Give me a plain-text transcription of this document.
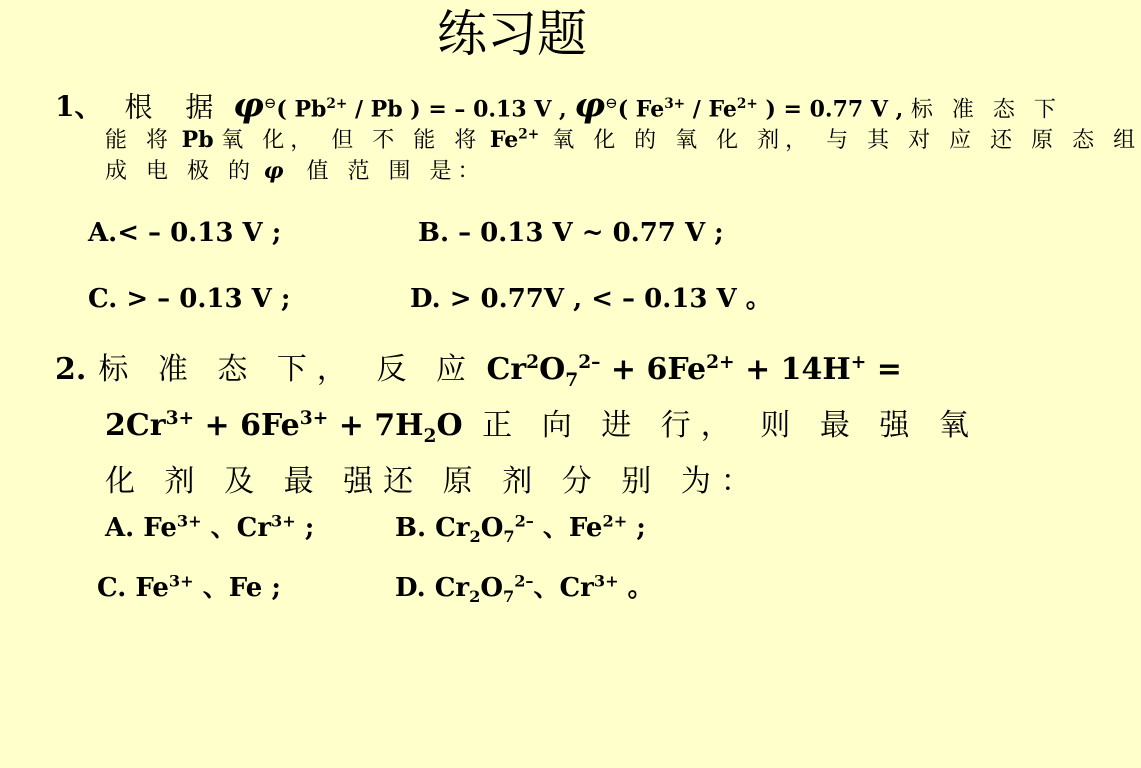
练习题
1、 根 据 φ⊖( $Pb^{2+}$ / Pb ) = – 0.13 V , φ⊖( $Fe^{3+} / Fe^{2+}$ ) = 0.77 V , 标 准 态 下
能 将 Pb 氧 化， 但 不 能 将 $Fe^{2+}$ 氧 化 的 氧 化 剂， 与 其 对 应 还 原 态 组
成 电 极 的 φ 值 范 围 是：
A.< – 0.13 V ;	B. – 0.13 V ~ 0.77 V ;
C. > – 0.13 V ;	D. > 0.77V , < – 0.13 V 。
2. 标 准 态 下， 反 应 $Cr^2O_7^{2-} + 6Fe^{2+} + 14H^+$ =
$2Cr^{3+} + 6Fe^{3+} + 7H_2O$ 正 向 进 行， 则 最 强 氧
化 剂 及 最 强还 原 剂 分 别 为：
A. $Fe^{3+}$ 、$Cr^{3+}$ ;	B. $Cr_2O_7^{2-}$ 、$Fe^{2+}$ ;
C. $Fe^{3+}$ 、Fe ;	D. $Cr_2O_7^{2-}$、$Cr^{3+}$ 。
